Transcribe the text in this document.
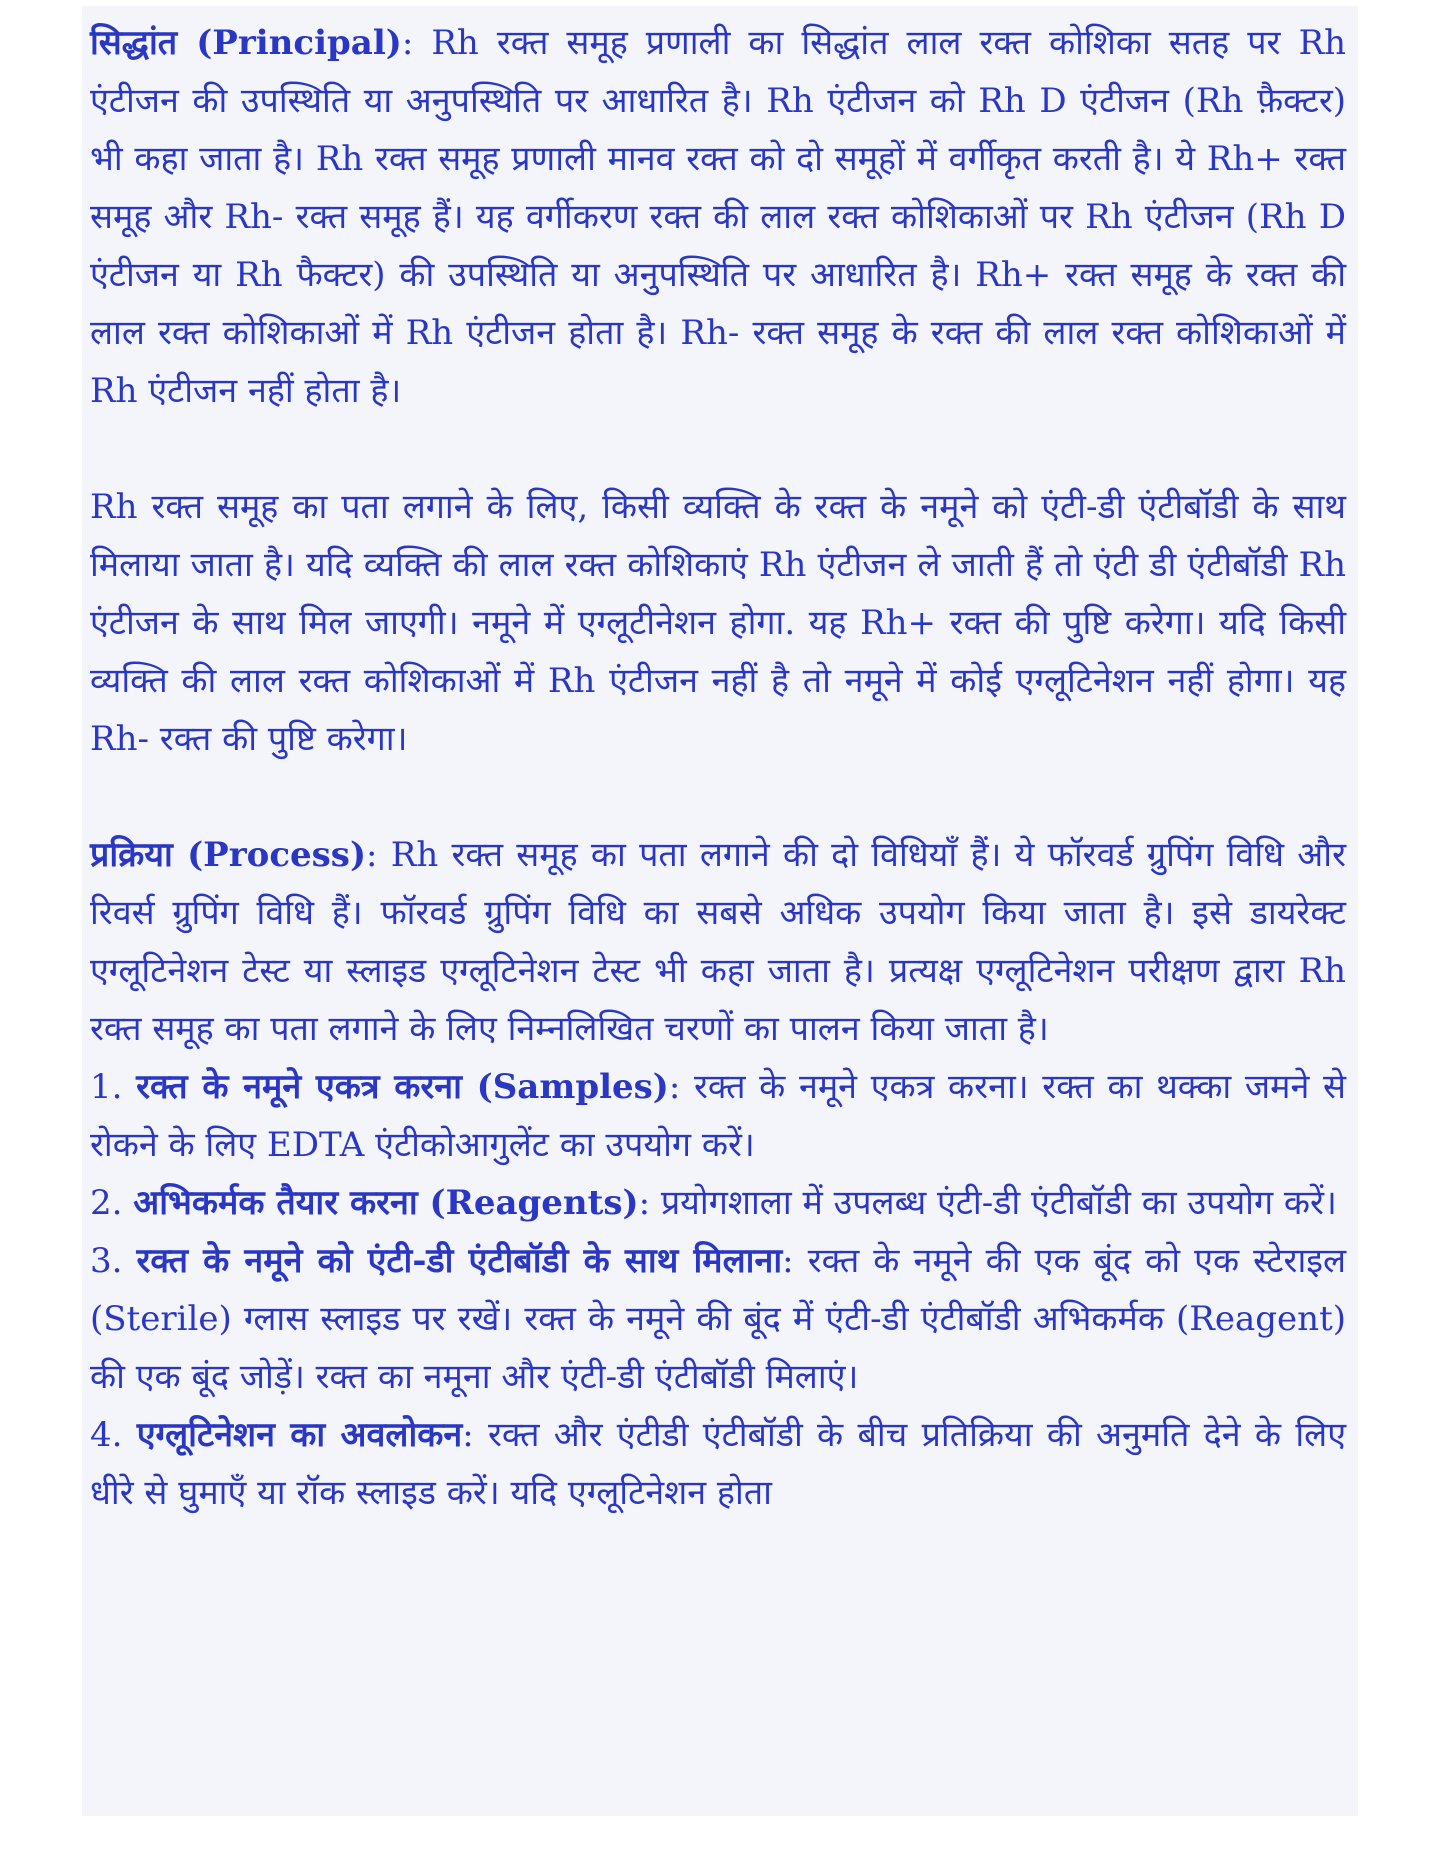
सिद्धांत (Principal): Rh रक्त समूह प्रणाली का सिद्धांत लाल रक्त कोशिका सतह पर Rh एंटीजन की उपस्थिति या अनुपस्थिति पर आधारित है। Rh एंटीजन को Rh D एंटीजन (Rh फ़ैक्टर) भी कहा जाता है। Rh रक्त समूह प्रणाली मानव रक्त को दो समूहों में वर्गीकृत करती है। ये Rh+ रक्त समूह और Rh- रक्त समूह हैं। यह वर्गीकरण रक्त की लाल रक्त कोशिकाओं पर Rh एंटीजन (Rh D एंटीजन या Rh फैक्टर) की उपस्थिति या अनुपस्थिति पर आधारित है। Rh+ रक्त समूह के रक्त की लाल रक्त कोशिकाओं में Rh एंटीजन होता है। Rh- रक्त समूह के रक्त की लाल रक्त कोशिकाओं में Rh एंटीजन नहीं होता है।

Rh रक्त समूह का पता लगाने के लिए, किसी व्यक्ति के रक्त के नमूने को एंटी-डी एंटीबॉडी के साथ मिलाया जाता है। यदि व्यक्ति की लाल रक्त कोशिकाएं Rh एंटीजन ले जाती हैं तो एंटी डी एंटीबॉडी Rh एंटीजन के साथ मिल जाएगी। नमूने में एग्लूटीनेशन होगा. यह Rh+ रक्त की पुष्टि करेगा। यदि किसी व्यक्ति की लाल रक्त कोशिकाओं में Rh एंटीजन नहीं है तो नमूने में कोई एग्लूटिनेशन नहीं होगा। यह Rh- रक्त की पुष्टि करेगा।

प्रक्रिया (Process): Rh रक्त समूह का पता लगाने की दो विधियाँ हैं। ये फॉरवर्ड ग्रुपिंग विधि और रिवर्स ग्रुपिंग विधि हैं। फॉरवर्ड ग्रुपिंग विधि का सबसे अधिक उपयोग किया जाता है। इसे डायरेक्ट एग्लूटिनेशन टेस्ट या स्लाइड एग्लूटिनेशन टेस्ट भी कहा जाता है। प्रत्यक्ष एग्लूटिनेशन परीक्षण द्वारा Rh रक्त समूह का पता लगाने के लिए निम्नलिखित चरणों का पालन किया जाता है।

1. रक्त के नमूने एकत्र करना (Samples): रक्त के नमूने एकत्र करना। रक्त का थक्का जमने से रोकने के लिए EDTA एंटीकोआगुलेंट का उपयोग करें।

2. अभिकर्मक तैयार करना (Reagents): प्रयोगशाला में उपलब्ध एंटी-डी एंटीबॉडी का उपयोग करें।

3. रक्त के नमूने को एंटी-डी एंटीबॉडी के साथ मिलाना: रक्त के नमूने की एक बूंद को एक स्टेराइल (Sterile) ग्लास स्लाइड पर रखें। रक्त के नमूने की बूंद में एंटी-डी एंटीबॉडी अभिकर्मक (Reagent) की एक बूंद जोड़ें। रक्त का नमूना और एंटी-डी एंटीबॉडी मिलाएं।

4. एग्लूटिनेशन का अवलोकन: रक्त और एंटीडी एंटीबॉडी के बीच प्रतिक्रिया की अनुमति देने के लिए धीरे से घुमाएँ या रॉक स्लाइड करें। यदि एग्लूटिनेशन होता
